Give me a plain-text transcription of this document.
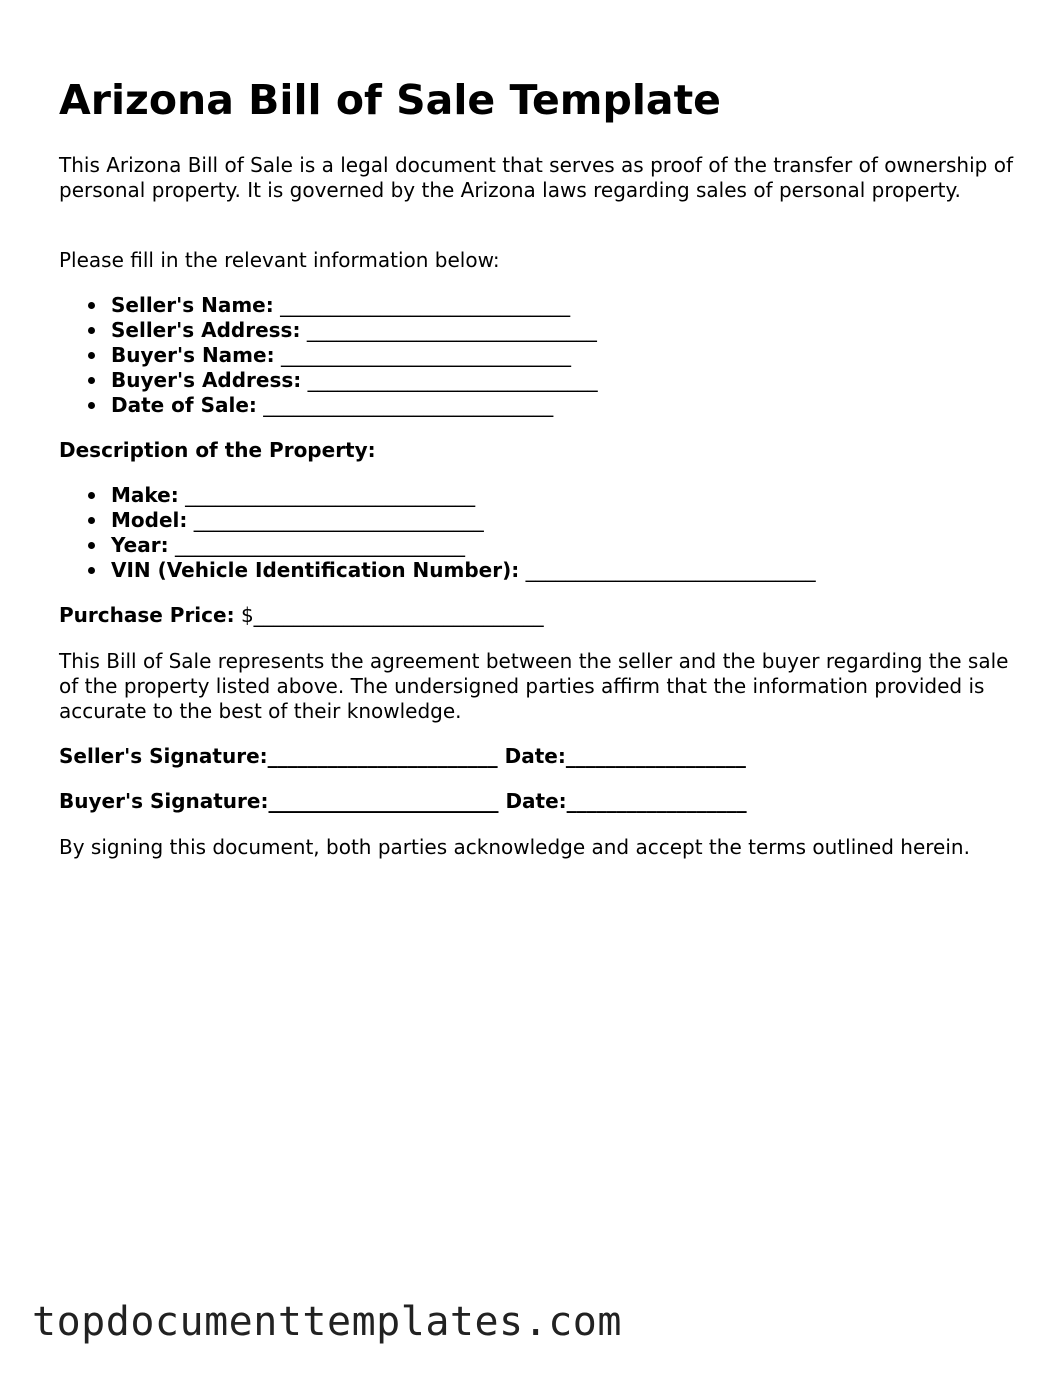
Arizona Bill of Sale Template

This Arizona Bill of Sale is a legal document that serves as proof of the transfer of ownership of personal property. It is governed by the Arizona laws regarding sales of personal property.

Please fill in the relevant information below:

Seller's Name: _____________________________
Seller's Address: _____________________________
Buyer's Name: _____________________________
Buyer's Address: _____________________________
Date of Sale: _____________________________

Description of the Property:

Make: _____________________________
Model: _____________________________
Year: _____________________________
VIN (Vehicle Identification Number): _____________________________

Purchase Price: $_____________________________

This Bill of Sale represents the agreement between the seller and the buyer regarding the sale of the property listed above. The undersigned parties affirm that the information provided is accurate to the best of their knowledge.

Seller's Signature:_______________________ Date:__________________

Buyer's Signature:_______________________ Date:__________________

By signing this document, both parties acknowledge and accept the terms outlined herein.

topdocumenttemplates.com
